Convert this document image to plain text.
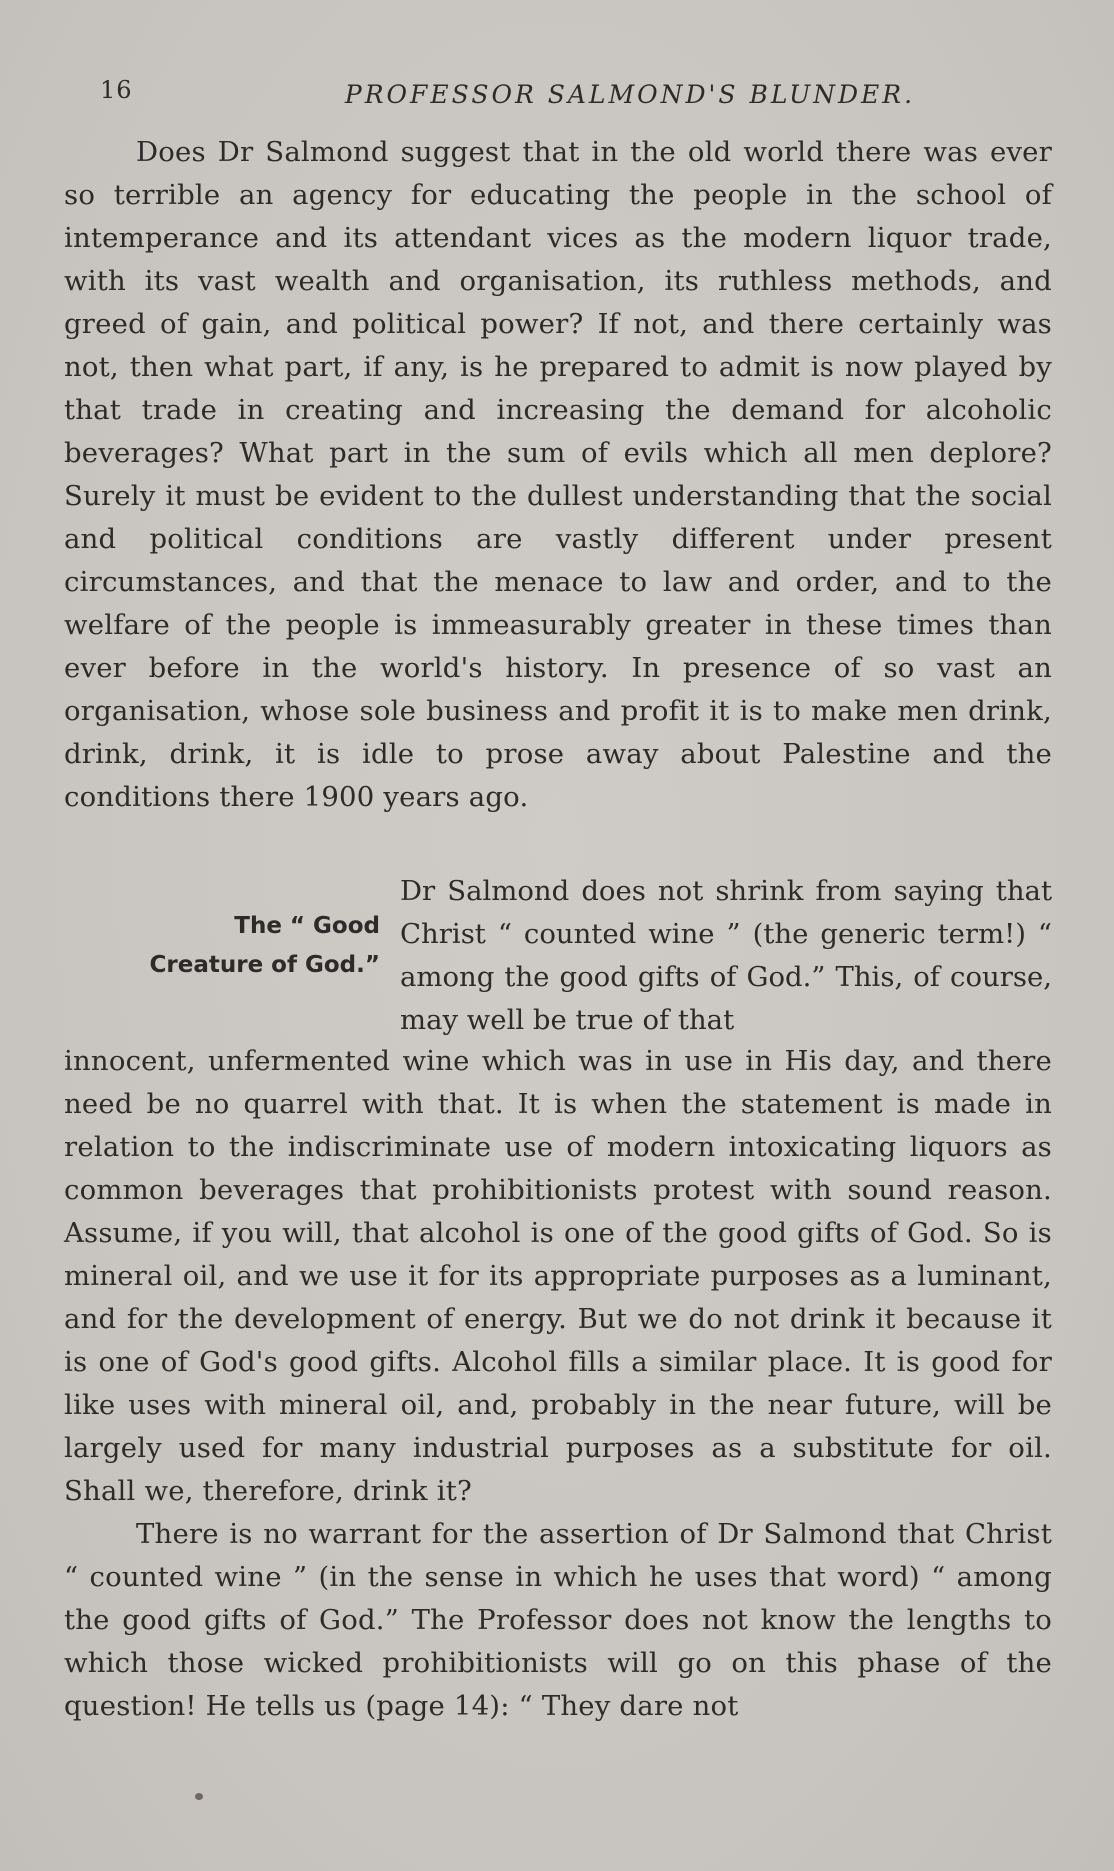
16	PROFESSOR SALMOND'S BLUNDER.

Does Dr Salmond suggest that in the old world there was ever so terrible an agency for educating the people in the school of intemperance and its attendant vices as the modern liquor trade, with its vast wealth and organisation, its ruthless methods, and greed of gain, and political power? If not, and there certainly was not, then what part, if any, is he prepared to admit is now played by that trade in creating and increasing the demand for alcoholic beverages? What part in the sum of evils which all men deplore? Surely it must be evident to the dullest understanding that the social and political conditions are vastly different under present circumstances, and that the menace to law and order, and to the welfare of the people is immeasurably greater in these times than ever before in the world's history. In presence of so vast an organisation, whose sole business and profit it is to make men drink, drink, drink, it is idle to prose away about Palestine and the conditions there 1900 years ago.

The “ Good
Creature of God.”

Dr Salmond does not shrink from saying that Christ “ counted wine ” (the generic term!) “ among the good gifts of God.” This, of course, may well be true of that

innocent, unfermented wine which was in use in His day, and there need be no quarrel with that. It is when the statement is made in relation to the indiscriminate use of modern intoxicating liquors as common beverages that prohibitionists protest with sound reason. Assume, if you will, that alcohol is one of the good gifts of God. So is mineral oil, and we use it for its appropriate purposes as a luminant, and for the development of energy. But we do not drink it because it is one of God's good gifts. Alcohol fills a similar place. It is good for like uses with mineral oil, and, probably in the near future, will be largely used for many industrial purposes as a substitute for oil. Shall we, therefore, drink it?

There is no warrant for the assertion of Dr Salmond that Christ “ counted wine ” (in the sense in which he uses that word) “ among the good gifts of God.” The Professor does not know the lengths to which those wicked prohibitionists will go on this phase of the question! He tells us (page 14): “ They dare not
